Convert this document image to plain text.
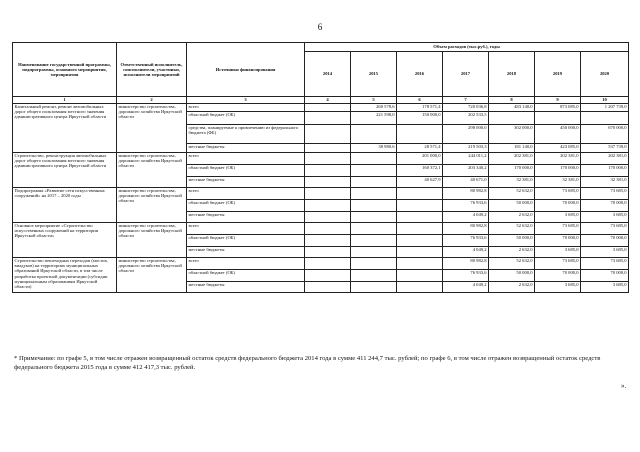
6
Наименование государственной программы, подпрограммы, основного мероприятия, мероприятия	Ответственный исполнитель, соисполнители, участники, исполнители мероприятий	Источники финансирования	Объем расходов (тыс.руб.), годы						
			2014	2015	2016	2017	2018	2019	2020
1	2	3	4	5	6	7	8	9	10
Капитальный ремонт, ремонт автомобильных дорог общего пользования местного значения административного центра Иркутской области	министерство строительства, дорожного хозяйства Иркутской области	всего		260 578,6	178 571,4	720 036,8	483 140,0	873 085,0	1 207 739,0
		областной бюджет (ОБ)		221 598,0	150 000,0	202 533,5			
		средства, планируемые к привлечению из федерального бюджета (ФБ)				298 000,0	302 000,0	450 000,0	670 000,0
		местные бюджеты		38 980,6	28 571,4	219 503,3	181 140,0	423 085,0	537 739,0
Строительство, реконструкция автомобильных дорог общего пользования местного значения административного центра Иркутской области	министерство строительства, дорожного хозяйства Иркутской области	всего			201 000,0	244 011,2	202 381,0	202 381,0	202 381,0
		областной бюджет (ОБ)			160 372,1	203 340,2	170 000,0	170 000,0	170 000,0
		местные бюджеты			40 627,9	40 671,0	32 381,0	32 381,0	32 381,0
Подпрограмма «Развитие сети искусственных сооружений» на 2017 – 2020 годы	министерство строительства, дорожного хозяйства Иркутской области	всего				80 982,8	52 632,0	73 685,0	73 685,0
		областной бюджет (ОБ)				76 933,6	50 000,0	70 000,0	70 000,0
		местные бюджеты				4 049,2	2 632,0	3 685,0	3 685,0
Основное мероприятие «Строительство искусственных сооружений на территории Иркутской области»	министерство строительства, дорожного хозяйства Иркутской области	всего				80 982,8	52 632,0	73 685,0	73 685,0
		областной бюджет (ОБ)				76 933,6	50 000,0	70 000,0	70 000,0
		местные бюджеты				4 049,2	2 632,0	3 685,0	3 685,0
Строительство пешеходных переходов (мостов, виадуков) на территориях муниципальных образований Иркутской области, в том числе разработка проектной документации (субсидии муниципальным образованиям Иркутской области)	министерство строительства, дорожного хозяйства Иркутской области	всего				80 982,8	52 632,0	73 685,0	73 685,0
		областной бюджет (ОБ)				76 933,6	50 000,0	70 000,0	70 000,0
		местные бюджеты				4 049,2	2 632,0	3 685,0	3 685,0
* Примечание: по графе 5, в том числе отражен возвращенный остаток средств федерального бюджета 2014 года в сумме 411 244,7 тыс. рублей; по графе 6, в том числе отражен возвращенный остаток средств федерального бюджета 2015 года в сумме 412 417,3 тыс. рублей.
».
